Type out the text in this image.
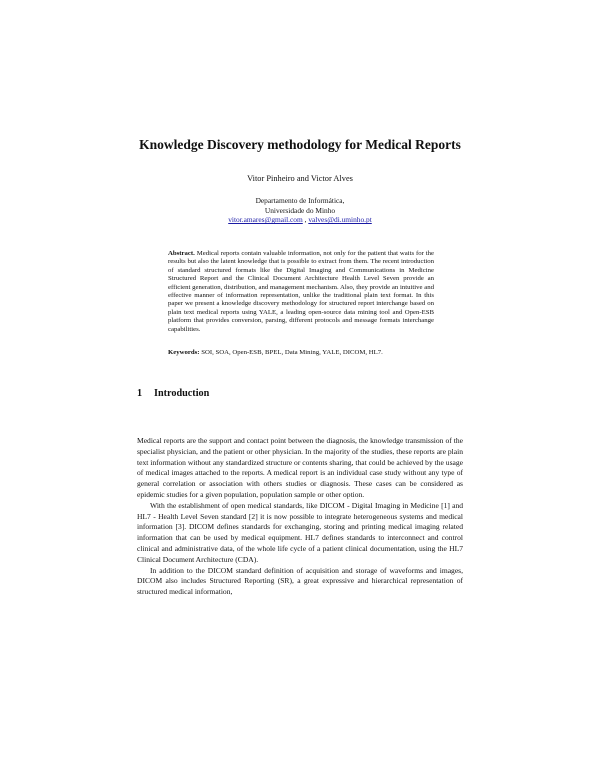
Knowledge Discovery methodology for Medical Reports
Vitor Pinheiro and Victor Alves
Departamento de Informática,
Universidade do Minho
vitor.amares@gmail.com , valves@di.uminho.pt
Abstract. Medical reports contain valuable information, not only for the patient that waits for the results but also the latent knowledge that is possible to extract from them. The recent introduction of standard structured formats like the Digital Imaging and Communications in Medicine Structured Report and the Clinical Document Architecture Health Level Seven provide an efficient generation, distribution, and management mechanism. Also, they provide an intuitive and effective manner of information representation, unlike the traditional plain text format. In this paper we present a knowledge discovery methodology for structured report interchange based on plain text medical reports using YALE, a leading open-source data mining tool and Open-ESB platform that provides conversion, parsing, different protocols and message formats interchange capabilities.
Keywords: SOI, SOA, Open-ESB, BPEL, Data Mining, YALE, DICOM, HL7.
1 Introduction

Medical reports are the support and contact point between the diagnosis, the knowledge transmission of the specialist physician, and the patient or other physician. In the majority of the studies, these reports are plain text information without any standardized structure or contents sharing, that could be achieved by the usage of medical images attached to the reports. A medical report is an individual case study without any type of general correlation or association with others studies or diagnosis. These cases can be considered as epidemic studies for a given population, population sample or other option.

With the establishment of open medical standards, like DICOM - Digital Imaging in Medicine [1] and HL7 - Health Level Seven standard [2] it is now possible to integrate heterogeneous systems and medical information [3]. DICOM defines standards for exchanging, storing and printing medical imaging related information that can be used by medical equipment. HL7 defines standards to interconnect and control clinical and administrative data, of the whole life cycle of a patient clinical documentation, using the HL7 Clinical Document Architecture (CDA).

In addition to the DICOM standard definition of acquisition and storage of waveforms and images, DICOM also includes Structured Reporting (SR), a great expressive and hierarchical representation of structured medical information,
